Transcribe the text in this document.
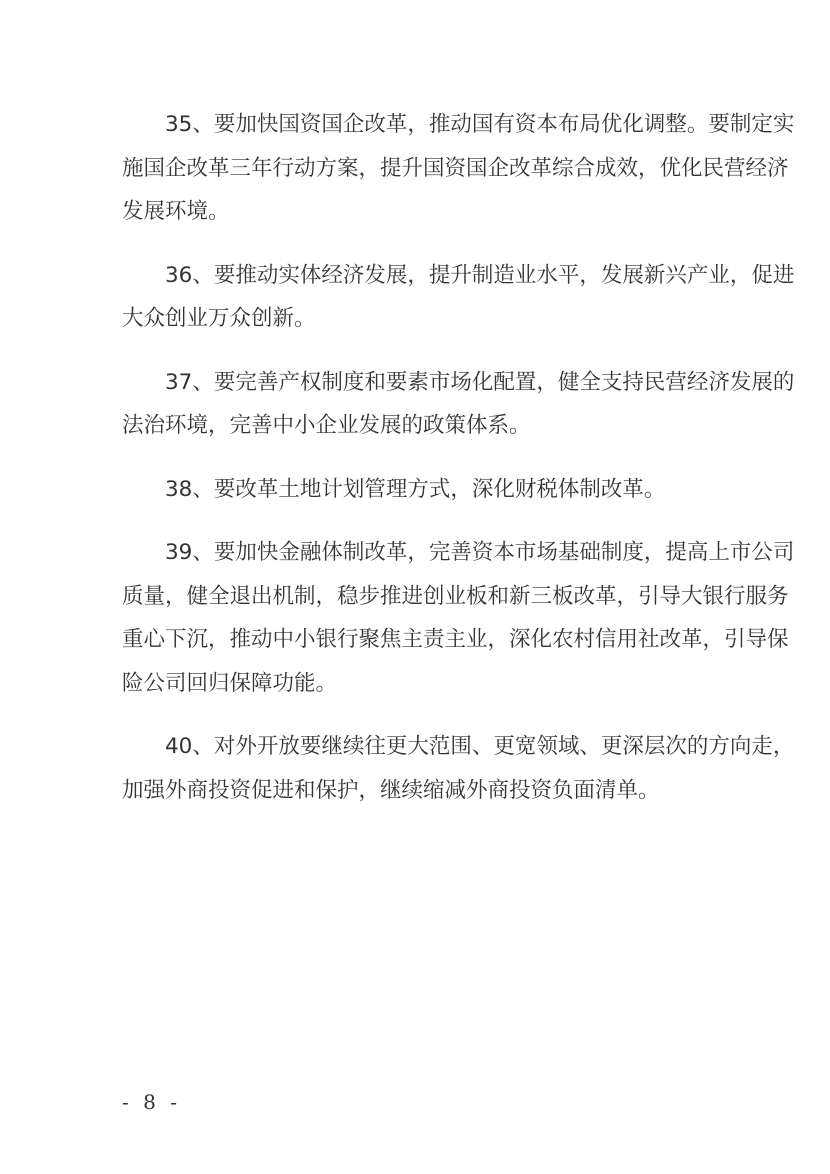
35、要加快国资国企改革，推动国有资本布局优化调整。要制定实
施国企改革三年行动方案，提升国资国企改革综合成效，优化民营经济
发展环境。
36、要推动实体经济发展，提升制造业水平，发展新兴产业，促进
大众创业万众创新。
37、要完善产权制度和要素市场化配置，健全支持民营经济发展的
法治环境，完善中小企业发展的政策体系。
38、要改革土地计划管理方式，深化财税体制改革。
39、要加快金融体制改革，完善资本市场基础制度，提高上市公司
质量，健全退出机制，稳步推进创业板和新三板改革，引导大银行服务
重心下沉，推动中小银行聚焦主责主业，深化农村信用社改革，引导保
险公司回归保障功能。
40、对外开放要继续往更大范围、更宽领域、更深层次的方向走，
加强外商投资促进和保护，继续缩减外商投资负面清单。
- 8 -
